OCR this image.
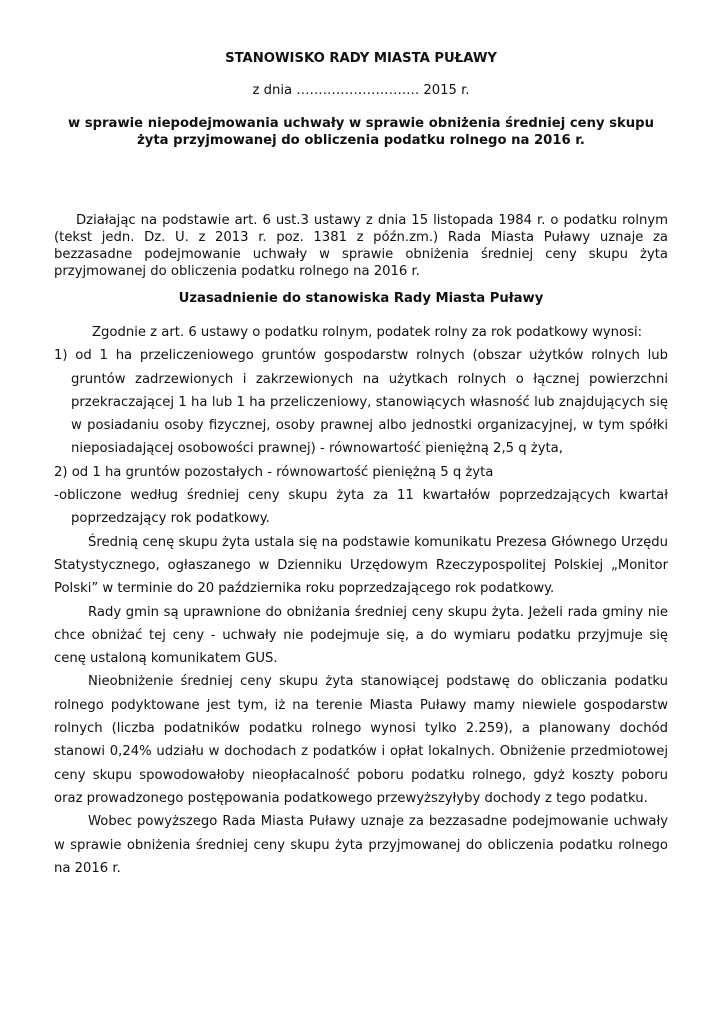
STANOWISKO RADY MIASTA PUŁAWY
z dnia ………………………. 2015 r.
w sprawie niepodejmowania uchwały w sprawie obniżenia średniej ceny skupu żyta przyjmowanej do obliczenia podatku rolnego na 2016 r.

Działając na podstawie art. 6 ust.3 ustawy z dnia 15 listopada 1984 r. o podatku rolnym (tekst jedn. Dz. U. z 2013 r. poz. 1381 z późn.zm.) Rada Miasta Puławy uznaje za bezzasadne podejmowanie uchwały w sprawie obniżenia średniej ceny skupu żyta przyjmowanej do obliczenia podatku rolnego na 2016 r.

Uzasadnienie do stanowiska Rady Miasta Puławy

Zgodnie z art. 6 ustawy o podatku rolnym, podatek rolny za rok podatkowy wynosi:

1) od 1 ha przeliczeniowego gruntów gospodarstw rolnych (obszar użytków rolnych lub gruntów zadrzewionych i zakrzewionych na użytkach rolnych o łącznej powierzchni przekraczającej 1 ha lub 1 ha przeliczeniowy, stanowiących własność lub znajdujących się w posiadaniu osoby fizycznej, osoby prawnej albo jednostki organizacyjnej, w tym spółki nieposiadającej osobowości prawnej) - równowartość pieniężną 2,5 q żyta,

2) od 1 ha gruntów pozostałych - równowartość pieniężną 5 q żyta

-obliczone według średniej ceny skupu żyta za 11 kwartałów poprzedzających kwartał poprzedzający rok podatkowy.

Średnią cenę skupu żyta ustala się na podstawie komunikatu Prezesa Głównego Urzędu Statystycznego, ogłaszanego w Dzienniku Urzędowym Rzeczypospolitej Polskiej „Monitor Polski” w terminie do 20 października roku poprzedzającego rok podatkowy.

Rady gmin są uprawnione do obniżania średniej ceny skupu żyta. Jeżeli rada gminy nie chce obniżać tej ceny - uchwały nie podejmuje się, a do wymiaru podatku przyjmuje się cenę ustaloną komunikatem GUS.

Nieobniżenie średniej ceny skupu żyta stanowiącej podstawę do obliczania podatku rolnego podyktowane jest tym, iż na terenie Miasta Puławy mamy niewiele gospodarstw rolnych (liczba podatników podatku rolnego wynosi tylko 2.259), a planowany dochód stanowi 0,24% udziału w dochodach z podatków i opłat lokalnych. Obniżenie przedmiotowej ceny skupu spowodowałoby nieopłacalność poboru podatku rolnego, gdyż koszty poboru oraz prowadzonego postępowania podatkowego przewyższyłyby dochody z tego podatku.

Wobec powyższego Rada Miasta Puławy uznaje za bezzasadne podejmowanie uchwały w sprawie obniżenia średniej ceny skupu żyta przyjmowanej do obliczenia podatku rolnego na 2016 r.
